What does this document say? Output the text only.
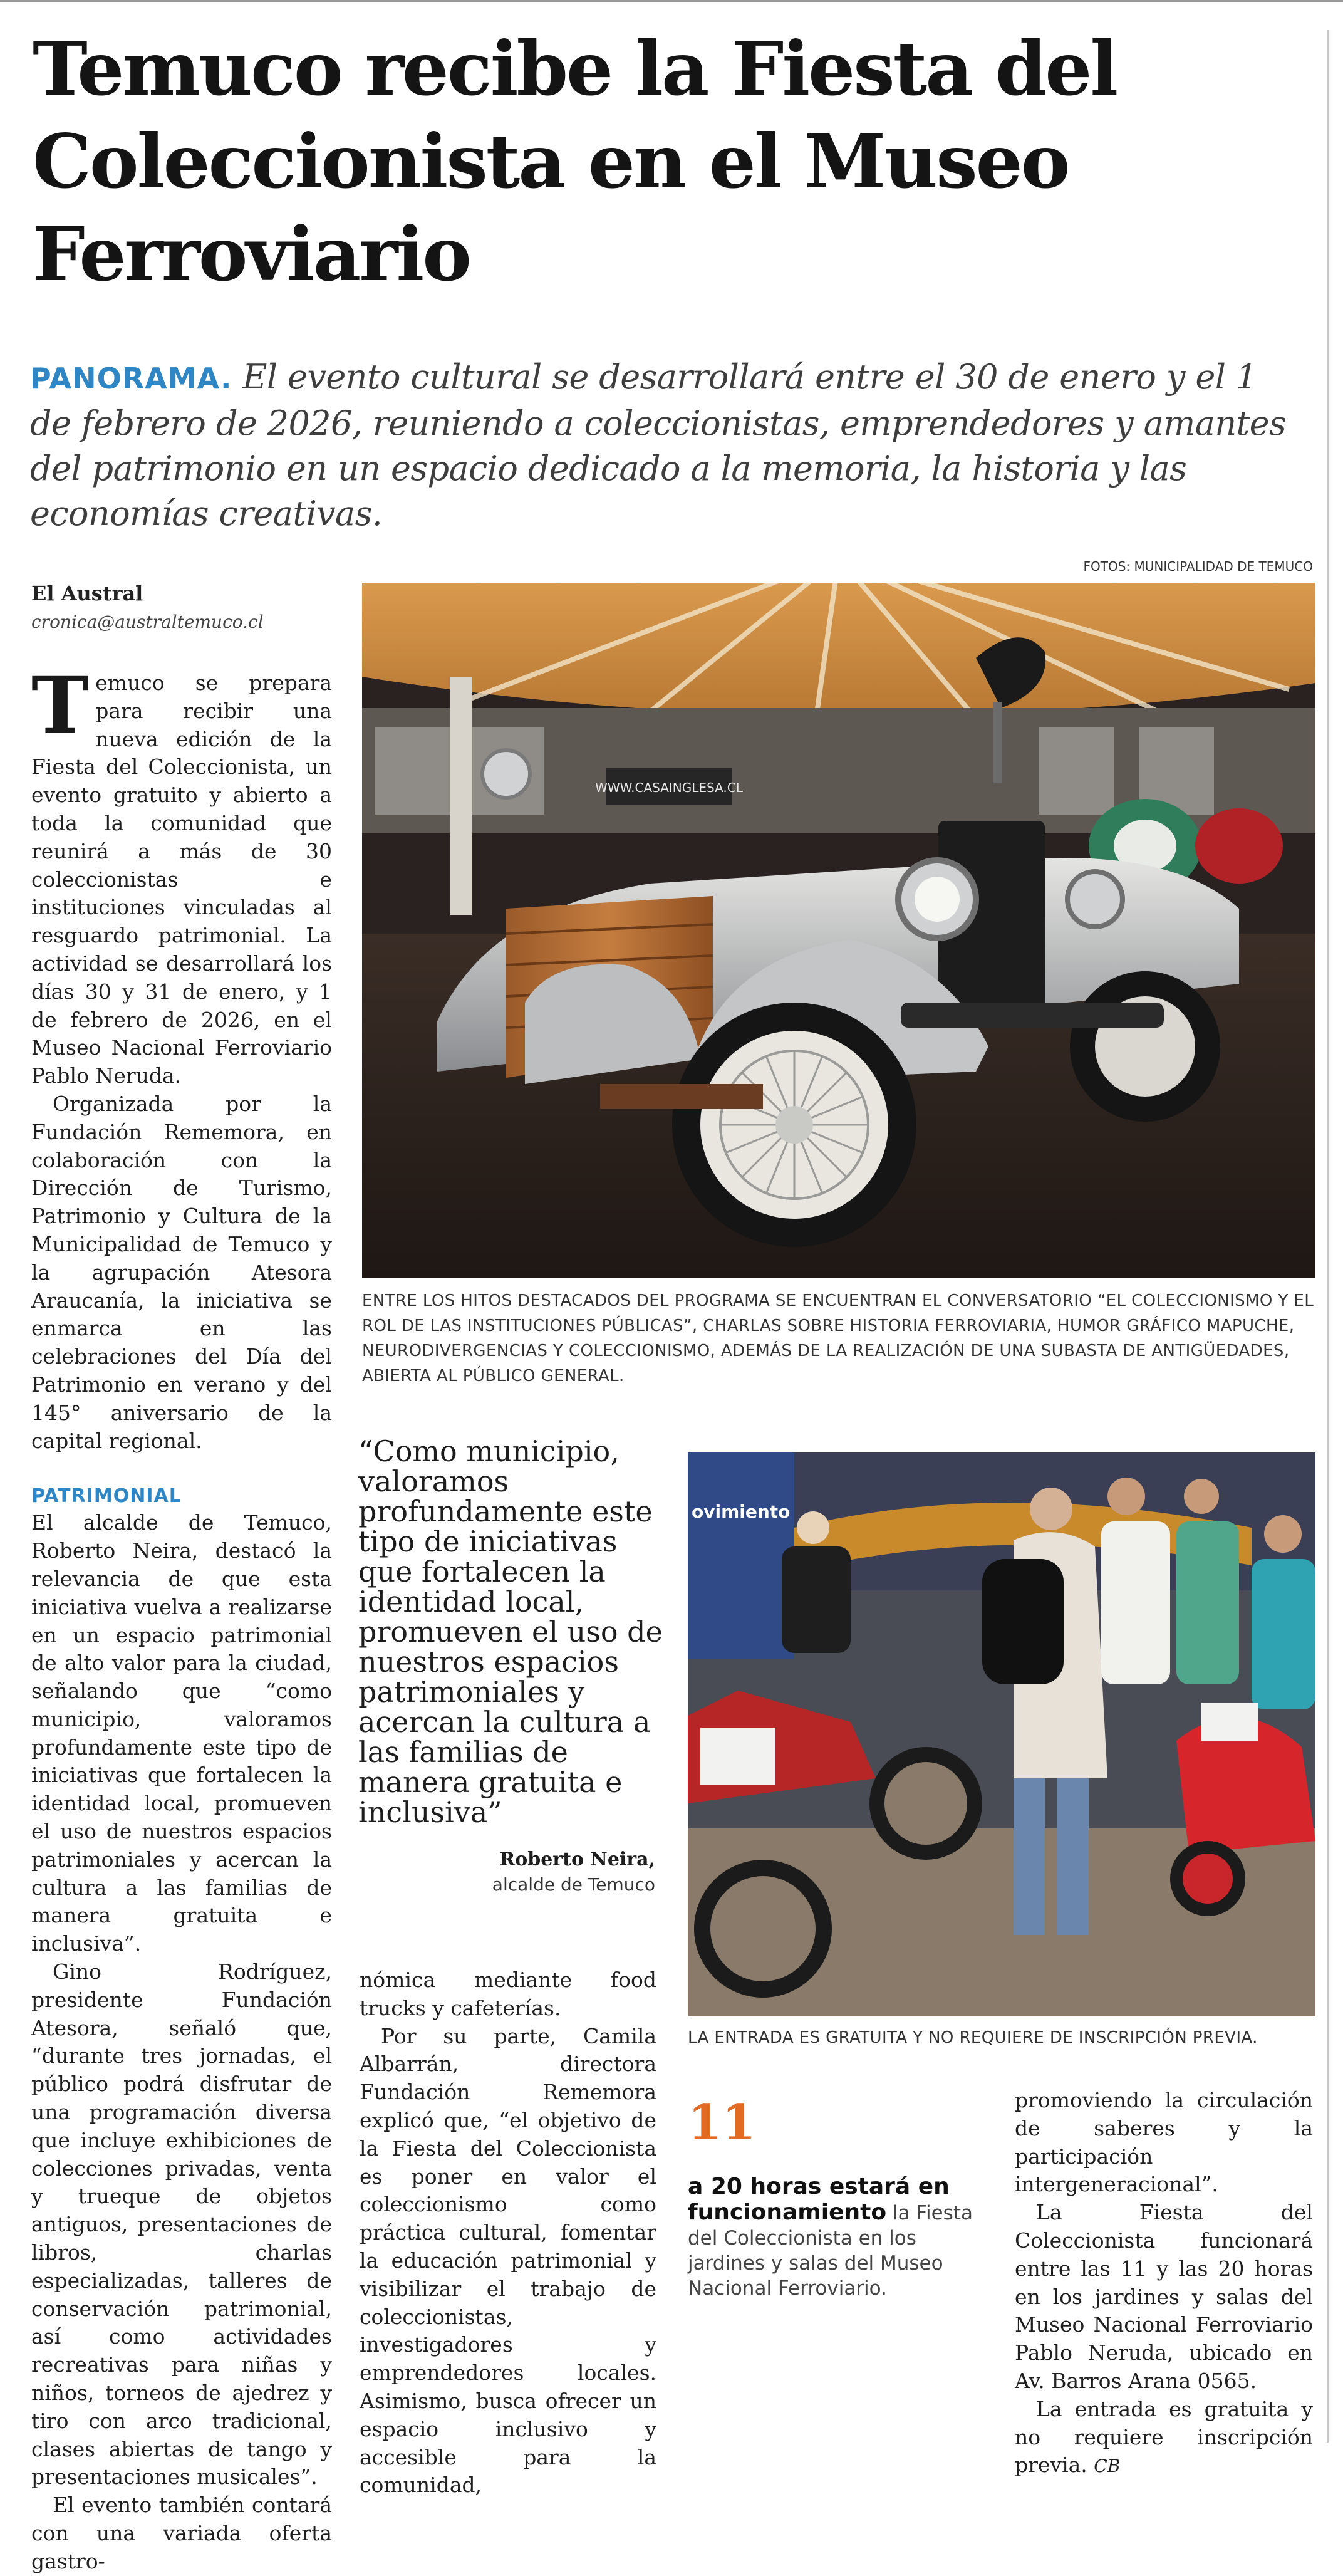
Temuco recibe la Fiesta del Coleccionista en el Museo Ferroviario

PANORAMA. El evento cultural se desarrollará entre el 30 de enero y el 1 de febrero de 2026, reuniendo a coleccionistas, emprendedores y amantes del patrimonio en un espacio dedicado a la memoria, la historia y las economías creativas.

FOTOS: MUNICIPALIDAD DE TEMUCO
El Austral
cronica@australtemuco.cl

Temuco se prepara para recibir una nueva edición de la Fiesta del Coleccionista, un evento gratuito y abierto a toda la comunidad que reunirá a más de 30 coleccionistas e instituciones vinculadas al resguardo patrimonial. La actividad se desarrollará los días 30 y 31 de enero, y 1 de febrero de 2026, en el Museo Nacional Ferroviario Pablo Neruda.

Organizada por la Fundación Rememora, en colaboración con la Dirección de Turismo, Patrimonio y Cultura de la Municipalidad de Temuco y la agrupación Atesora Araucanía, la iniciativa se enmarca en las celebraciones del Día del Patrimonio en verano y del 145° aniversario de la capital regional.

PATRIMONIAL

El alcalde de Temuco, Roberto Neira, destacó la relevancia de que esta iniciativa vuelva a realizarse en un espacio patrimonial de alto valor para la ciudad, señalando que “como municipio, valoramos profundamente este tipo de iniciativas que fortalecen la identidad local, promueven el uso de nuestros espacios patrimoniales y acercan la cultura a las familias de manera gratuita e inclusiva”.

Gino Rodríguez, presidente Fundación Atesora, señaló que, “durante tres jornadas, el público podrá disfrutar de una programación diversa que incluye exhibiciones de colecciones privadas, venta y trueque de objetos antiguos, presentaciones de libros, charlas especializadas, talleres de conservación patrimonial, así como actividades recreativas para niñas y niños, torneos de ajedrez y tiro con arco tradicional, clases abiertas de tango y presentaciones musicales”.

El evento también contará con una variada oferta gastro-

WWW.CASAINGLESA.CL
ENTRE LOS HITOS DESTACADOS DEL PROGRAMA SE ENCUENTRAN EL CONVERSATORIO “EL COLECCIONISMO Y EL ROL DE LAS INSTITUCIONES PÚBLICAS”, CHARLAS SOBRE HISTORIA FERROVIARIA, HUMOR GRÁFICO MAPUCHE, NEURODIVERGENCIAS Y COLECCIONISMO, ADEMÁS DE LA REALIZACIÓN DE UNA SUBASTA DE ANTIGÜEDADES, ABIERTA AL PÚBLICO GENERAL.

“Como municipio, valoramos profundamente este tipo de iniciativas que fortalecen la identidad local, promueven el uso de nuestros espacios patrimoniales y acercan la cultura a las familias de manera gratuita e inclusiva”

Roberto Neira,
alcalde de Temuco
ovimiento
LA ENTRADA ES GRATUITA Y NO REQUIERE DE INSCRIPCIÓN PREVIA.

nómica mediante food trucks y cafeterías.

Por su parte, Camila Albarrán, directora Fundación Rememora explicó que, “el objetivo de la Fiesta del Coleccionista es poner en valor el coleccionismo como práctica cultural, fomentar la educación patrimonial y visibilizar el trabajo de coleccionistas, investigadores y emprendedores locales. Asimismo, busca ofrecer un espacio inclusivo y accesible para la comunidad,

11

a 20 horas estará en funcionamiento la Fiesta del Coleccionista en los jardines y salas del Museo Nacional Ferroviario.

promoviendo la circulación de saberes y la participación intergeneracional”.

La Fiesta del Coleccionista funcionará entre las 11 y las 20 horas en los jardines y salas del Museo Nacional Ferroviario Pablo Neruda, ubicado en Av. Barros Arana 0565.

La entrada es gratuita y no requiere inscripción previa. CB
